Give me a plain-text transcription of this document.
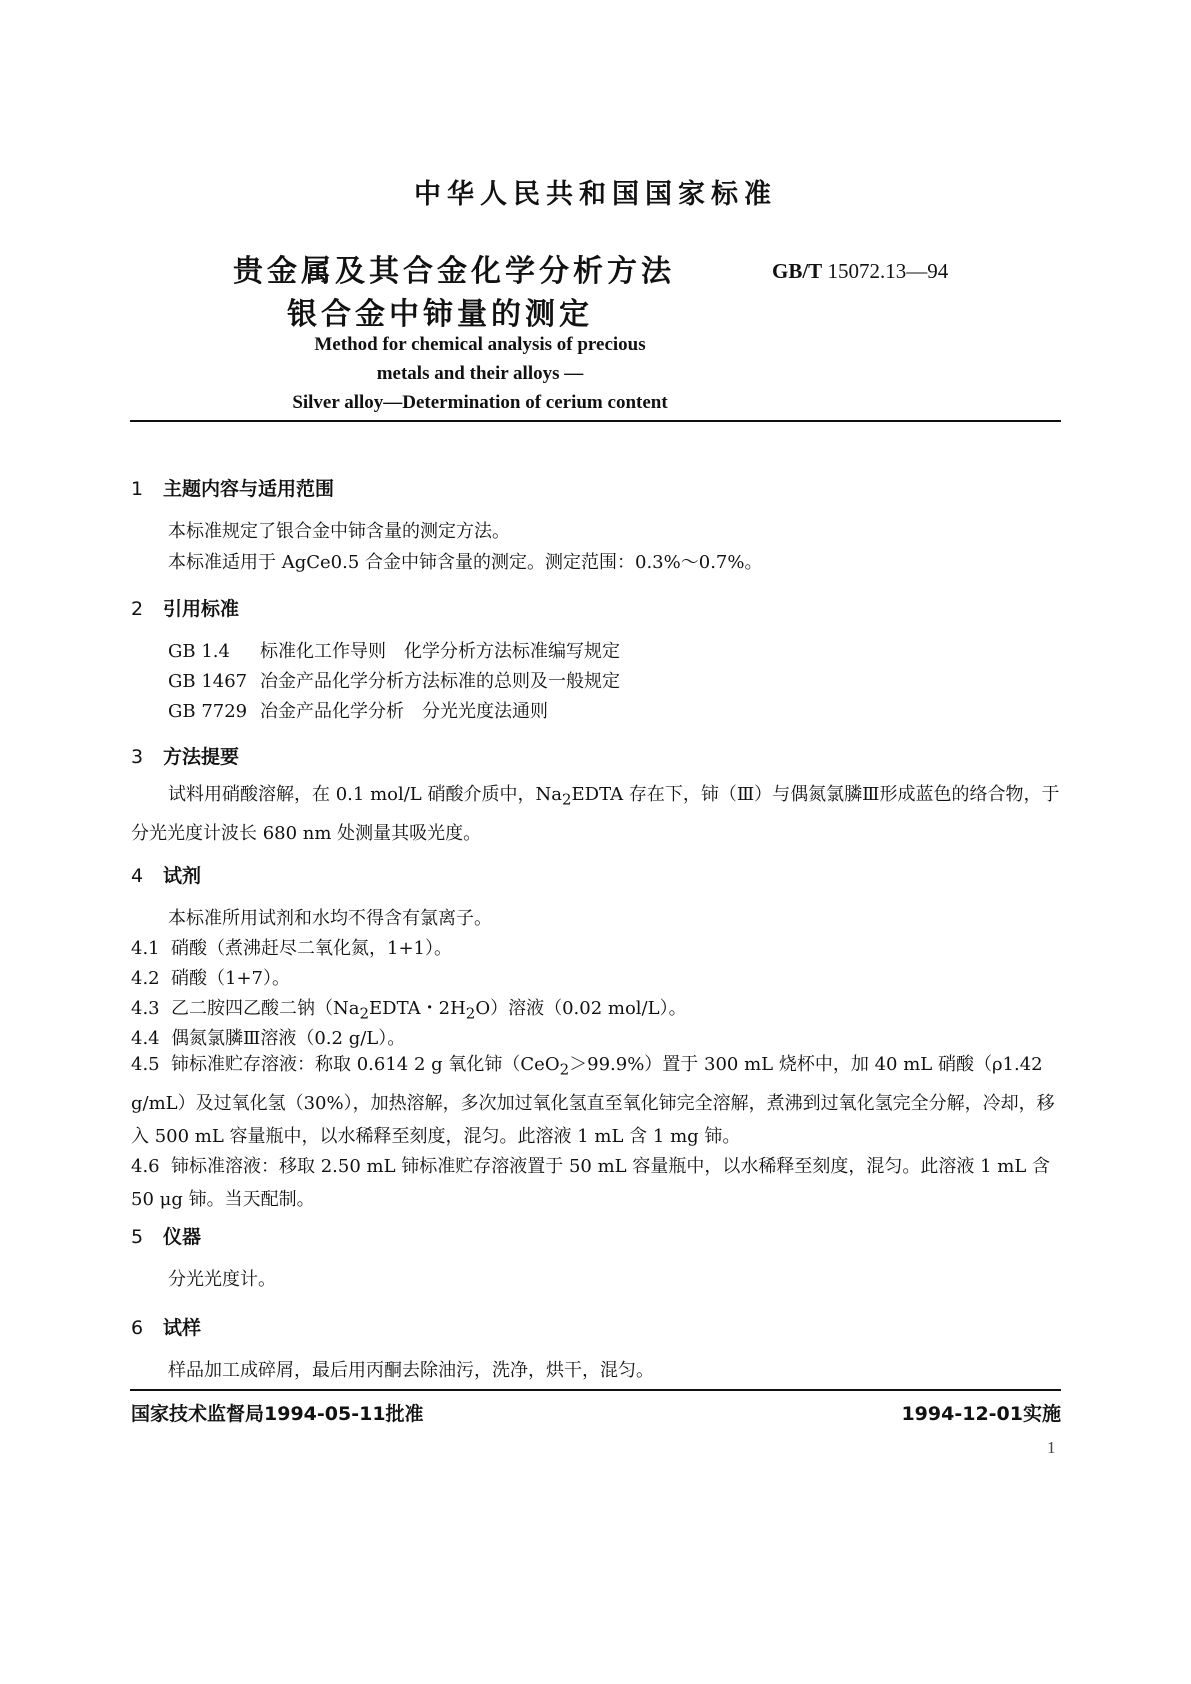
中华人民共和国国家标准
贵金属及其合金化学分析方法
银合金中铈量的测定
GB/T 15072.13—94
Method for chemical analysis of precious
metals and their alloys —
Silver alloy—Determination of cerium content
1 主题内容与适用范围
本标准规定了银合金中铈含量的测定方法。
本标准适用于 AgCe0.5 合金中铈含量的测定。测定范围：0.3%～0.7%。
2 引用标准
GB 1.4 标准化工作导则　化学分析方法标准编写规定
GB 1467 冶金产品化学分析方法标准的总则及一般规定
GB 7729 冶金产品化学分析　分光光度法通则
3 方法提要
试料用硝酸溶解，在 0.1 mol/L 硝酸介质中，$Na_2EDTA$ 存在下，铈（Ⅲ）与偶氮氯膦Ⅲ形成蓝色的络合物，于分光光度计波长 680 nm 处测量其吸光度。
4 试剂
本标准所用试剂和水均不得含有氯离子。
4.1 硝酸（煮沸赶尽二氧化氮，1+1）。
4.2 硝酸（1+7）。
4.3 乙二胺四乙酸二钠（$Na_2EDTA$・$2H_2O$）溶液（0.02 mol/L）。
4.4 偶氮氯膦Ⅲ溶液（0.2 g/L）。
4.5 铈标准贮存溶液：称取 0.614 2 g 氧化铈（CeO$_2$＞99.9%）置于 300 mL 烧杯中，加 40 mL 硝酸（ρ1.42 g/mL）及过氧化氢（30%），加热溶解，多次加过氧化氢直至氧化铈完全溶解，煮沸到过氧化氢完全分解，冷却，移入 500 mL 容量瓶中，以水稀释至刻度，混匀。此溶液 1 mL 含 1 mg 铈。
4.6 铈标准溶液：移取 2.50 mL 铈标准贮存溶液置于 50 mL 容量瓶中，以水稀释至刻度，混匀。此溶液 1 mL 含 50 μg 铈。当天配制。
5 仪器
分光光度计。
6 试样
样品加工成碎屑，最后用丙酮去除油污，洗净，烘干，混匀。
国家技术监督局1994-05-11批准	1994-12-01实施
1
